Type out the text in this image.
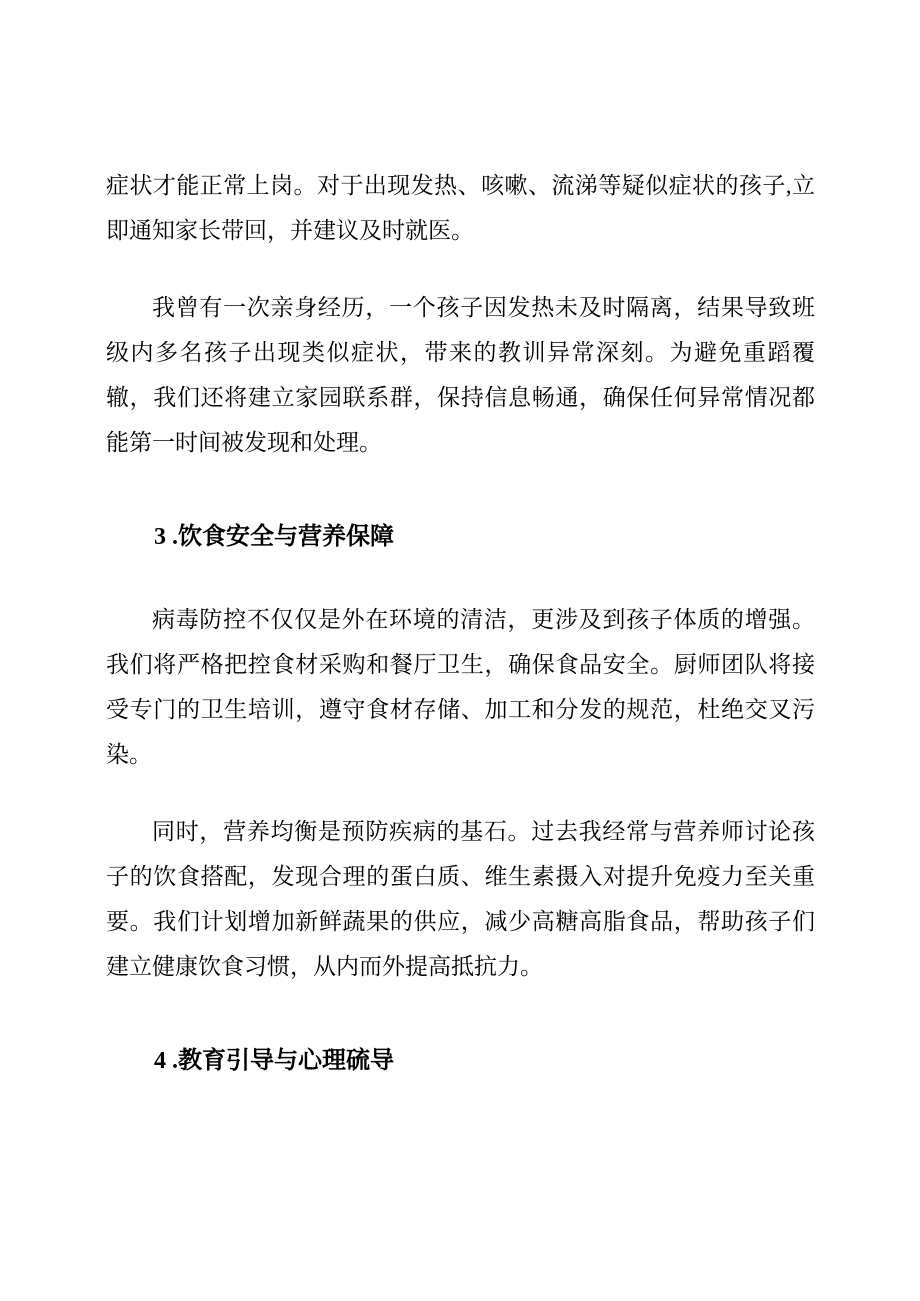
症状才能正常上岗。对于出现发热、咳嗽、流涕等疑似症状的孩子,立即通知家长带回，并建议及时就医。

我曾有一次亲身经历，一个孩子因发热未及时隔离，结果导致班级内多名孩子出现类似症状，带来的教训异常深刻。为避免重蹈覆辙，我们还将建立家园联系群，保持信息畅通，确保任何异常情况都能第一时间被发现和处理。

3 .饮食安全与营养保障

病毒防控不仅仅是外在环境的清洁，更涉及到孩子体质的增强。我们将严格把控食材采购和餐厅卫生，确保食品安全。厨师团队将接受专门的卫生培训，遵守食材存储、加工和分发的规范，杜绝交叉污染。

同时，营养均衡是预防疾病的基石。过去我经常与营养师讨论孩子的饮食搭配，发现合理的蛋白质、维生素摄入对提升免疫力至关重要。我们计划增加新鲜蔬果的供应，减少高糖高脂食品，帮助孩子们建立健康饮食习惯，从内而外提高抵抗力。

4 .教育引导与心理硫导
